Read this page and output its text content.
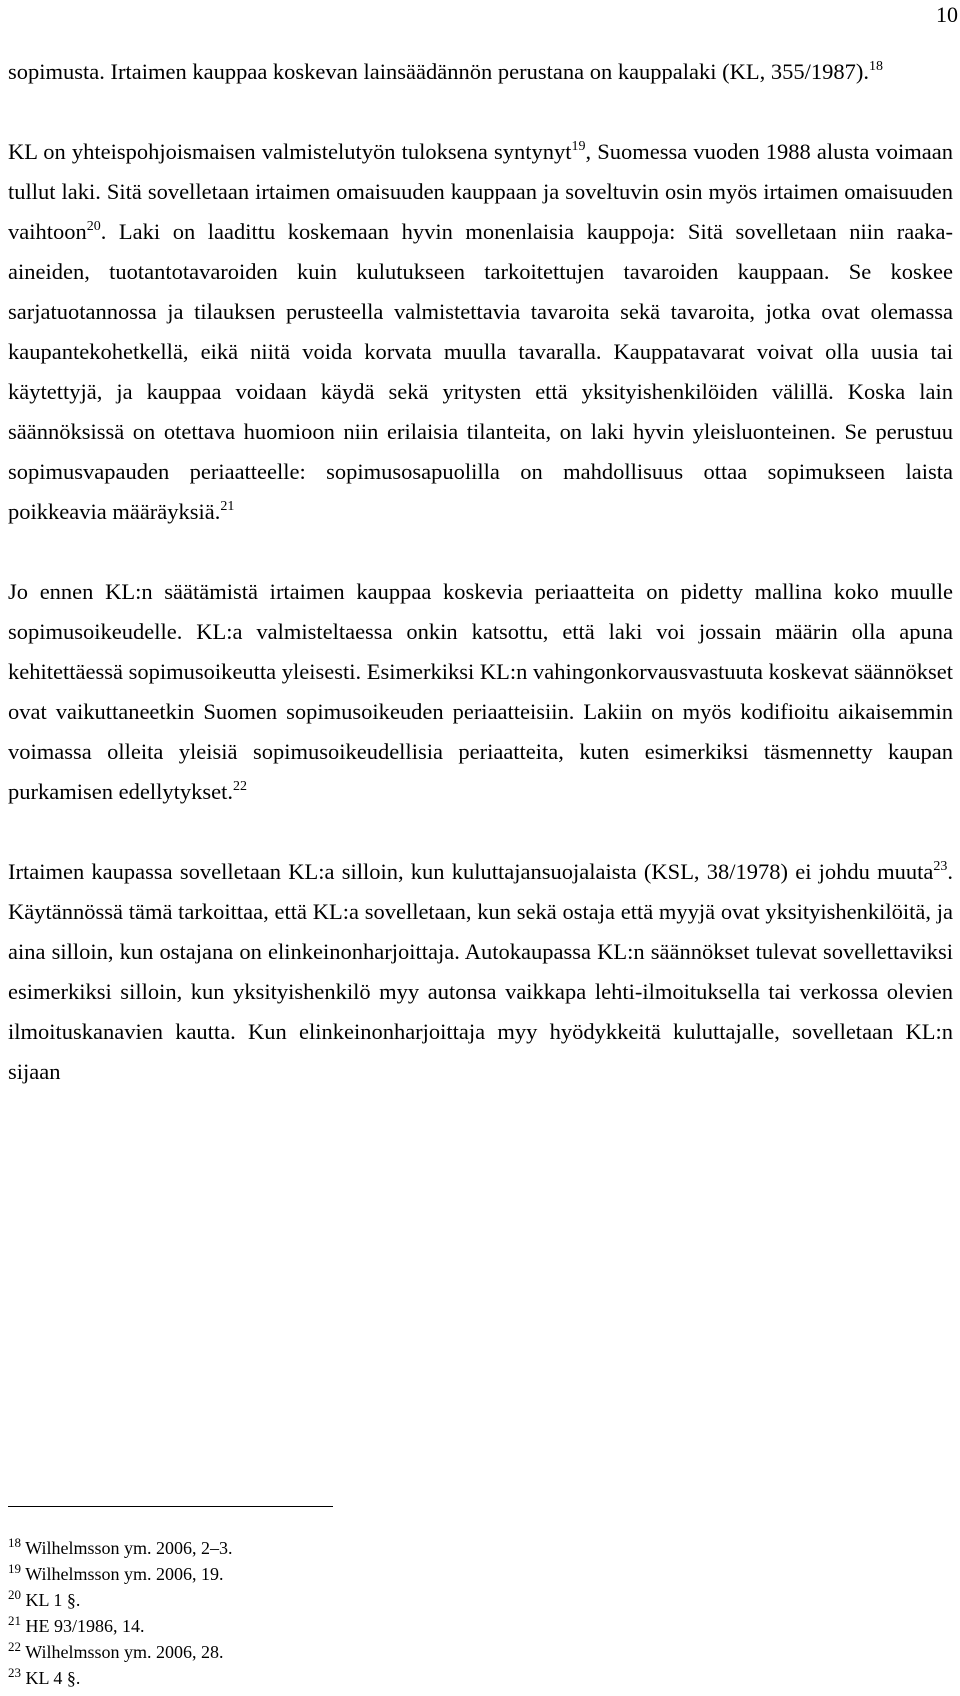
10

sopimusta. Irtaimen kauppaa koskevan lainsäädännön perustana on kauppalaki (KL, 355/1987).$^{18}$

KL on yhteispohjoismaisen valmistelutyön tuloksena syntynyt$^{19}$, Suomessa vuoden 1988 alusta voimaan tullut laki. Sitä sovelletaan irtaimen omaisuuden kauppaan ja soveltuvin osin myös irtaimen omaisuuden vaihtoon$^{20}$. Laki on laadittu koskemaan hyvin monenlaisia kauppoja: Sitä sovelletaan niin raaka-aineiden, tuotantotavaroiden kuin kulutukseen tarkoitettujen tavaroiden kauppaan. Se koskee sarjatuotannossa ja tilauksen perusteella valmistettavia tavaroita sekä tavaroita, jotka ovat olemassa kaupantekohetkellä, eikä niitä voida korvata muulla tavaralla. Kauppatavarat voivat olla uusia tai käytettyjä, ja kauppaa voidaan käydä sekä yritysten että yksityishenkilöiden välillä. Koska lain säännöksissä on otettava huomioon niin erilaisia tilanteita, on laki hyvin yleisluonteinen. Se perustuu sopimusvapauden periaatteelle: sopimusosapuolilla on mahdollisuus ottaa sopimukseen laista poikkeavia määräyksiä.$^{21}$

Jo ennen KL:n säätämistä irtaimen kauppaa koskevia periaatteita on pidetty mallina koko muulle sopimusoikeudelle. KL:a valmisteltaessa onkin katsottu, että laki voi jossain määrin olla apuna kehitettäessä sopimusoikeutta yleisesti. Esimerkiksi KL:n vahingonkorvausvastuuta koskevat säännökset ovat vaikuttaneetkin Suomen sopimusoikeuden periaatteisiin. Lakiin on myös kodifioitu aikaisemmin voimassa olleita yleisiä sopimusoikeudellisia periaatteita, kuten esimerkiksi täsmennetty kaupan purkamisen edellytykset.$^{22}$

Irtaimen kaupassa sovelletaan KL:a silloin, kun kuluttajansuojalaista (KSL, 38/1978) ei johdu muuta$^{23}$. Käytännössä tämä tarkoittaa, että KL:a sovelletaan, kun sekä ostaja että myyjä ovat yksityishenkilöitä, ja aina silloin, kun ostajana on elinkeinonharjoittaja. Autokaupassa KL:n säännökset tulevat sovellettaviksi esimerkiksi silloin, kun yksityishenkilö myy autonsa vaikkapa lehti-ilmoituksella tai verkossa olevien ilmoituskanavien kautta. Kun elinkeinonharjoittaja myy hyödykkeitä kuluttajalle, sovelletaan KL:n sijaan

$^{18}$ Wilhelmsson ym. 2006, 2–3.
$^{19}$ Wilhelmsson ym. 2006, 19.
$^{20}$ KL 1 §.
$^{21}$ HE 93/1986, 14.
$^{22}$ Wilhelmsson ym. 2006, 28.
$^{23}$ KL 4 §.
